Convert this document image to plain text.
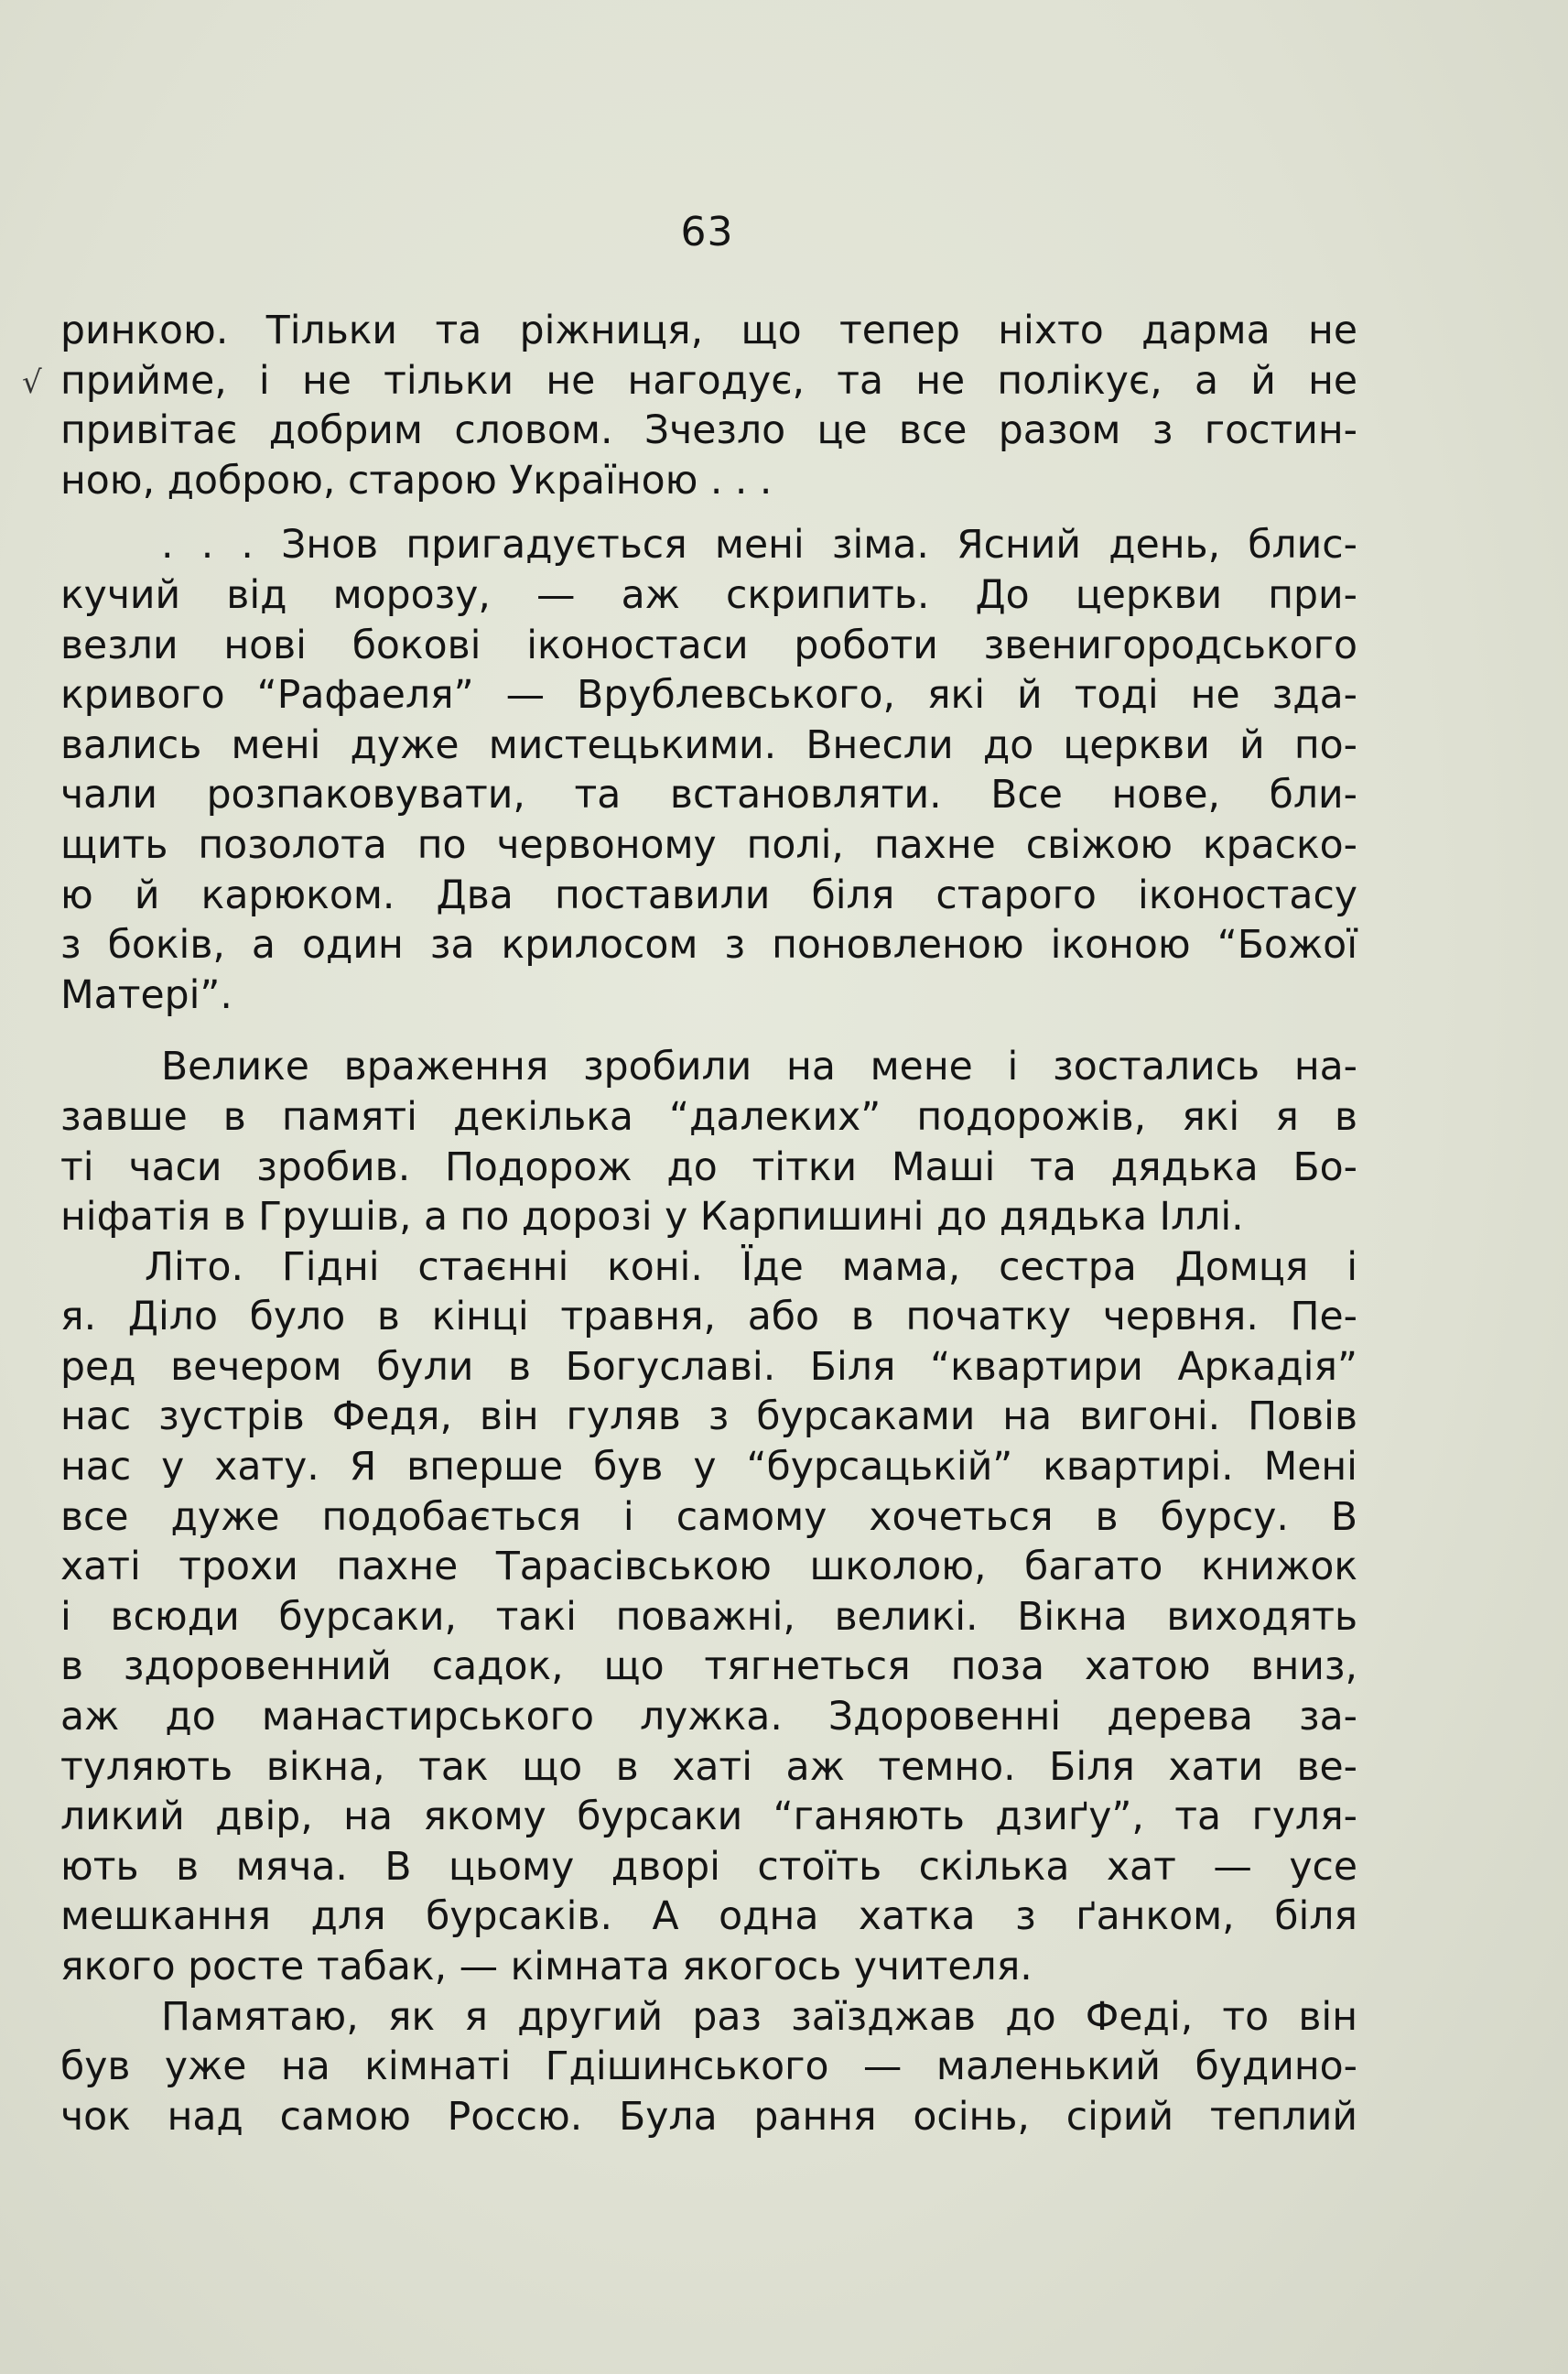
63
√

ринкою. Тільки та ріжниця, що тепер ніхто дарма не
прийме, і не тільки не нагодує, та не полікує, а й не
привітає добрим словом. Зчезло це все разом з гостин-
ною, доброю, старою Україною . . .

. . . Знов пригадується мені зіма. Ясний день, блис-
кучий від морозу, — аж скрипить. До церкви при-
везли нові бокові іконостаси роботи звенигородського
кривого “Рафаеля” — Врублевського, які й тоді не зда-
вались мені дуже мистецькими. Внесли до церкви й по-
чали розпаковувати, та встановляти. Все нове, бли-
щить позолота по червоному полі, пахне свіжою краско-
ю й карюком. Два поставили біля старого іконостасу
з боків, а один за крилосом з поновленою іконою “Божої
Матері”.

Велике враження зробили на мене і зостались на-
завше в памяті декілька “далеких” подорожів, які я в
ті часи зробив. Подорож до тітки Маші та дядька Бо-
ніфатія в Грушів, а по дорозі у Карпишині до дядька Іллі.

Літо. Гідні стаєнні коні. Їде мама, сестра Домця і
я. Діло було в кінці травня, або в початку червня. Пе-
ред вечером були в Богуславі. Біля “квартири Аркадія”
нас зустрів Федя, він гуляв з бурсаками на вигоні. Повів
нас у хату. Я вперше був у “бурсацькій” квартирі. Мені
все дуже подобається і самому хочеться в бурсу. В
хаті трохи пахне Тарасівською школою, багато книжок
і всюди бурсаки, такі поважні, великі. Вікна виходять
в здоровенний садок, що тягнеться поза хатою вниз,
аж до манастирського лужка. Здоровенні дерева за-
туляють вікна, так що в хаті аж темно. Біля хати ве-
ликий двір, на якому бурсаки “ганяють дзиґу”, та гуля-
ють в мяча. В цьому дворі стоїть скілька хат — усе
мешкання для бурсаків. А одна хатка з ґанком, біля
якого росте табак, — кімната якогось учителя.

Памятаю, як я другий раз заїзджав до Феді, то він
був уже на кімнаті Гдішинського — маленький будино-
чок над самою Россю. Була рання осінь, сірий теплий
